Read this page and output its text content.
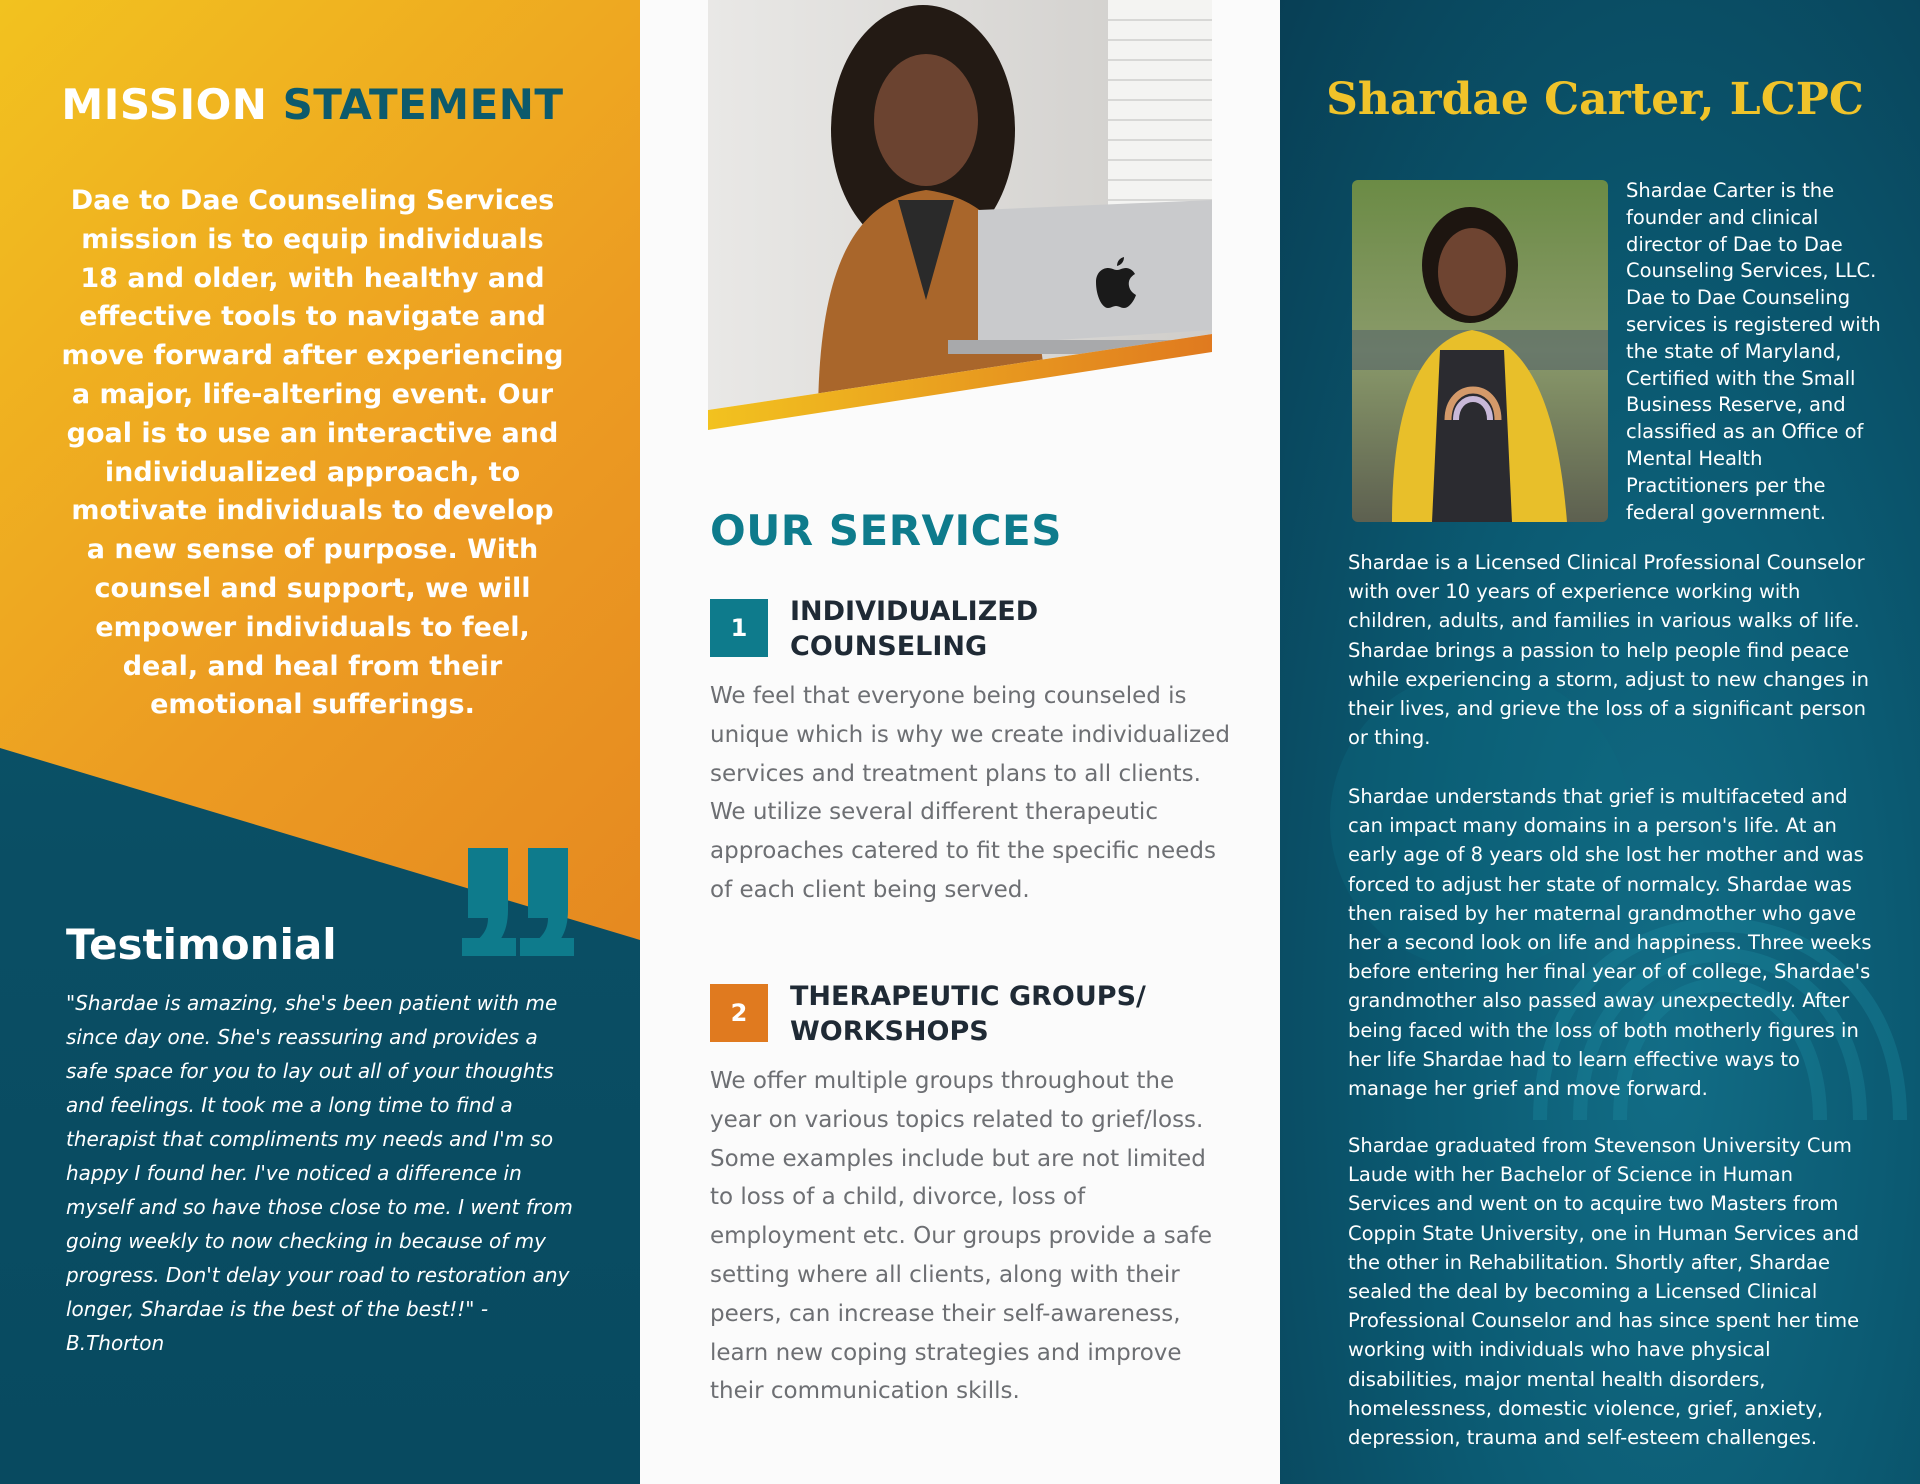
MISSION STATEMENT

Dae to Dae Counseling Services mission is to equip individuals 18 and older, with healthy and effective tools to navigate and move forward after experiencing a major, life-altering event. Our goal is to use an interactive and individualized approach, to motivate individuals to develop a new sense of purpose. With counsel and support, we will empower individuals to feel, deal, and heal from their emotional sufferings.

Testimonial

"Shardae is amazing, she's been patient with me since day one. She's reassuring and provides a safe space for you to lay out all of your thoughts and feelings. It took me a long time to find a therapist that compliments my needs and I'm so happy I found her. I've noticed a difference in myself and so have those close to me. I went from going weekly to now checking in because of my progress. Don't delay your road to restoration any longer, Shardae is the best of the best!!" - B.Thorton

OUR SERVICES
1
INDIVIDUALIZED COUNSELING

We feel that everyone being counseled is unique which is why we create individualized services and treatment plans to all clients. We utilize several different therapeutic approaches catered to fit the specific needs of each client being served.

2
THERAPEUTIC GROUPS/ WORKSHOPS

We offer multiple groups throughout the year on various topics related to grief/loss. Some examples include but are not limited to loss of a child, divorce, loss of employment etc. Our groups provide a safe setting where all clients, along with their peers, can increase their self-awareness, learn new coping strategies and improve their communication skills.

Shardae Carter, LCPC

Shardae Carter is the founder and clinical director of Dae to Dae Counseling Services, LLC. Dae to Dae Counseling services is registered with the state of Maryland, Certified with the Small Business Reserve, and classified as an Office of Mental Health Practitioners per the federal government.

Shardae is a Licensed Clinical Professional Counselor with over 10 years of experience working with children, adults, and families in various walks of life. Shardae brings a passion to help people find peace while experiencing a storm, adjust to new changes in their lives, and grieve the loss of a significant person or thing.

Shardae understands that grief is multifaceted and can impact many domains in a person's life. At an early age of 8 years old she lost her mother and was forced to adjust her state of normalcy. Shardae was then raised by her maternal grandmother who gave her a second look on life and happiness. Three weeks before entering her final year of of college, Shardae's grandmother also passed away unexpectedly. After being faced with the loss of both motherly figures in her life Shardae had to learn effective ways to manage her grief and move forward.

Shardae graduated from Stevenson University Cum Laude with her Bachelor of Science in Human Services and went on to acquire two Masters from Coppin State University, one in Human Services and the other in Rehabilitation. Shortly after, Shardae sealed the deal by becoming a Licensed Clinical Professional Counselor and has since spent her time working with individuals who have physical disabilities, major mental health disorders, homelessness, domestic violence, grief, anxiety, depression, trauma and self-esteem challenges.
